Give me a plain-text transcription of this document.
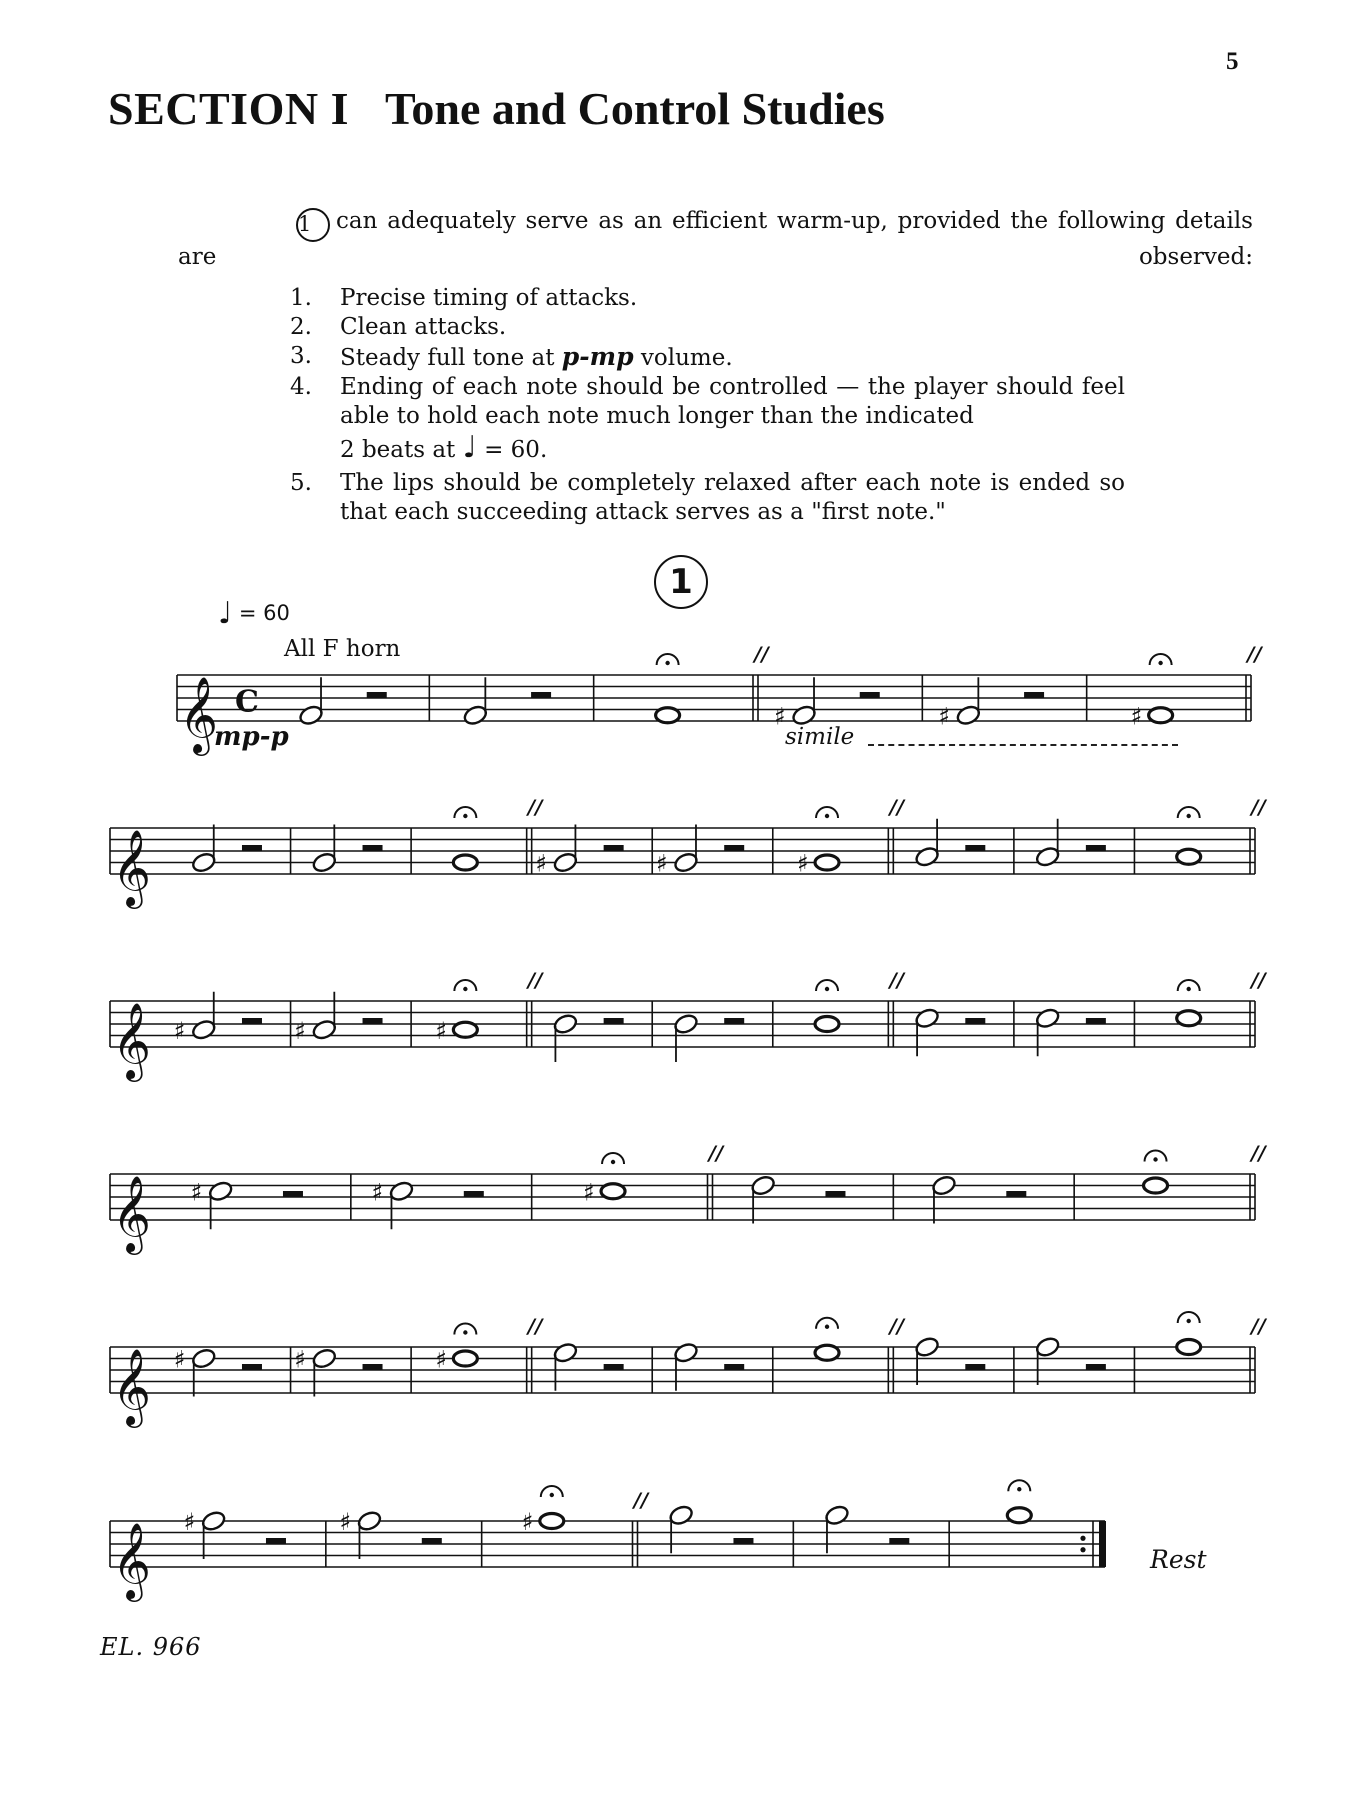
5
SECTION I Tone and Control Studies
1 can adequately serve as an efficient warm-up, provided the following details are observed:
1. Precise timing of attacks.
2. Clean attacks.
3. Steady full tone at p-mp volume.
4. Ending of each note should be controlled — the player should feel able to hold each note much longer than the indicated
2 beats at ♩ = 60.
5. The lips should be completely relaxed after each note is ended so that each succeeding attack serves as a "first note."
1
♩ = 60
All F horn
mp-p	simile
Rest
EL. 966
𝄞 C
//
♯	♯	♯
//
𝄞
//
♯	♯	♯
//	//
𝄞 ♯	♯	♯
//	//	//
𝄞 ♯	♯	♯
//	//
𝄞 ♯	♯	♯
//	//	//
𝄞 ♯	♯	♯
//
